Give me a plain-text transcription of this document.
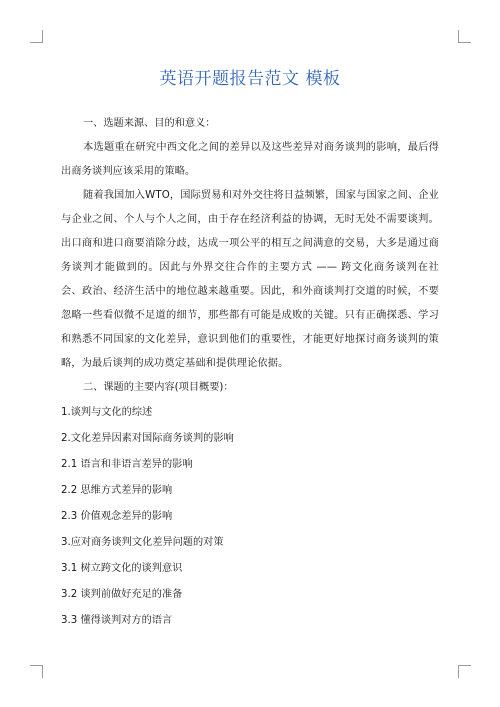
英语开题报告范文 模板

一、选题来源、目的和意义：

本选题重在研究中西文化之间的差异以及这些差异对商务谈判的影响，最后得出商务谈判应该采用的策略。

随着我国加入WTO，国际贸易和对外交往将日益频繁，国家与国家之间、企业与企业之间、个人与个人之间，由于存在经济利益的协调，无时无处不需要谈判。出口商和进口商要消除分歧，达成一项公平的相互之间满意的交易，大多是通过商务谈判才能做到的。因此与外界交往合作的主要方式 —— 跨文化商务谈判在社会、政治、经济生活中的地位越来越重要。因此，和外商谈判打交道的时候，不要忽略一些看似微不足道的细节，那些都有可能是成败的关键。只有正确探悉、学习和熟悉不同国家的文化差异，意识到他们的重要性，才能更好地探讨商务谈判的策略，为最后谈判的成功奠定基础和提供理论依据。

二、课题的主要内容(项目概要)：

1.谈判与文化的综述

2.文化差异因素对国际商务谈判的影响

2.1 语言和非语言差异的影响

2.2 思维方式差异的影响

2.3 价值观念差异的影响

3.应对商务谈判文化差异问题的对策

3.1 树立跨文化的谈判意识

3.2 谈判前做好充足的准备

3.3 懂得谈判对方的语言
